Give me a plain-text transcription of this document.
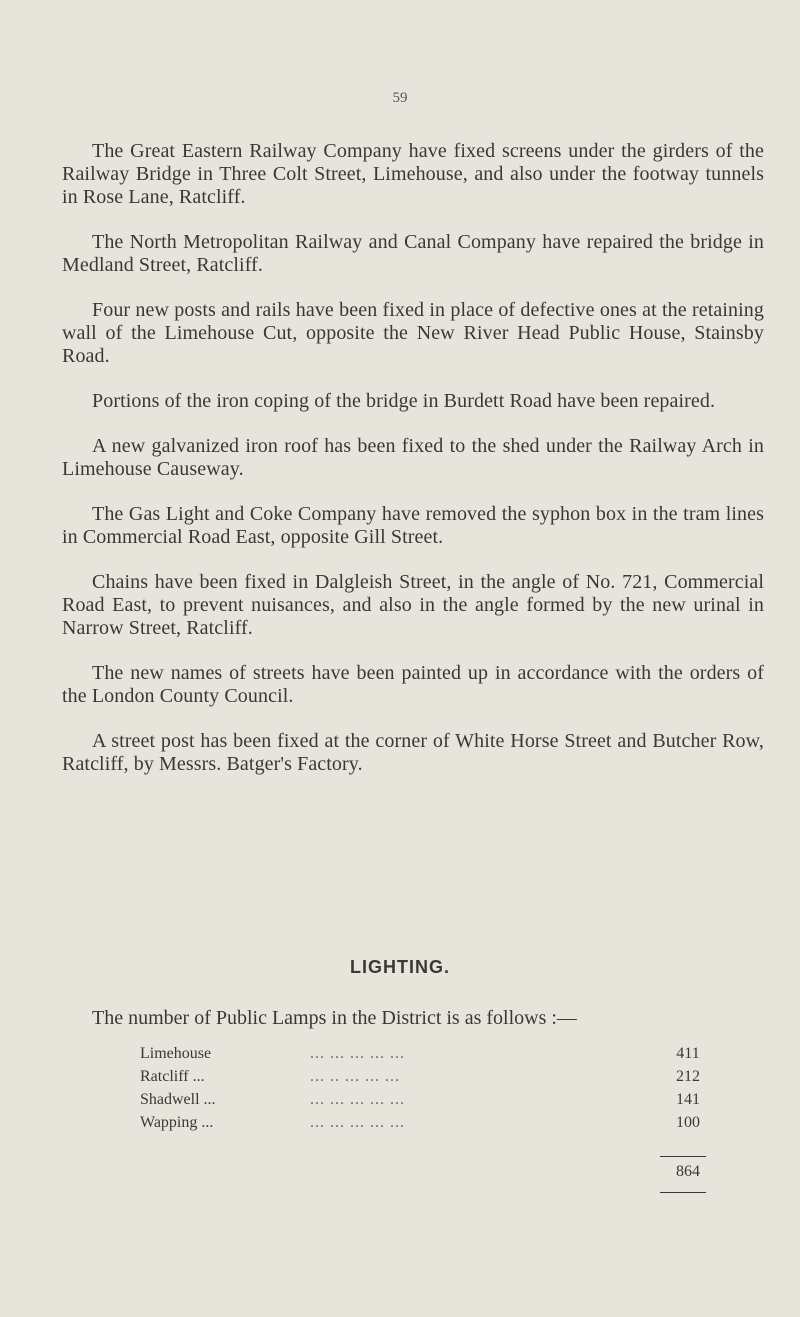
59

The Great Eastern Railway Company have fixed screens under the girders of the Railway Bridge in Three Colt Street, Limehouse, and also under the footway tunnels in Rose Lane, Ratcliff.

The North Metropolitan Railway and Canal Company have repaired the bridge in Medland Street, Ratcliff.

Four new posts and rails have been fixed in place of defective ones at the retaining wall of the Limehouse Cut, opposite the New River Head Public House, Stainsby Road.

Portions of the iron coping of the bridge in Burdett Road have been repaired.

A new galvanized iron roof has been fixed to the shed under the Railway Arch in Limehouse Causeway.

The Gas Light and Coke Company have removed the syphon box in the tram lines in Commercial Road East, opposite Gill Street.

Chains have been fixed in Dalgleish Street, in the angle of No. 721, Commercial Road East, to prevent nuisances, and also in the angle formed by the new urinal in Narrow Street, Ratcliff.

The new names of streets have been painted up in accordance with the orders of the London County Council.

A street post has been fixed at the corner of White Horse Street and Butcher Row, Ratcliff, by Messrs. Batger's Factory.

LIGHTING.
The number of Public Lamps in the District is as follows :—
Limehouse	... ... ... ... ...	411
Ratcliff ...	... .. ... ... ...	212
Shadwell ...	... ... ... ... ...	141
Wapping ...	... ... ... ... ...	100
864
